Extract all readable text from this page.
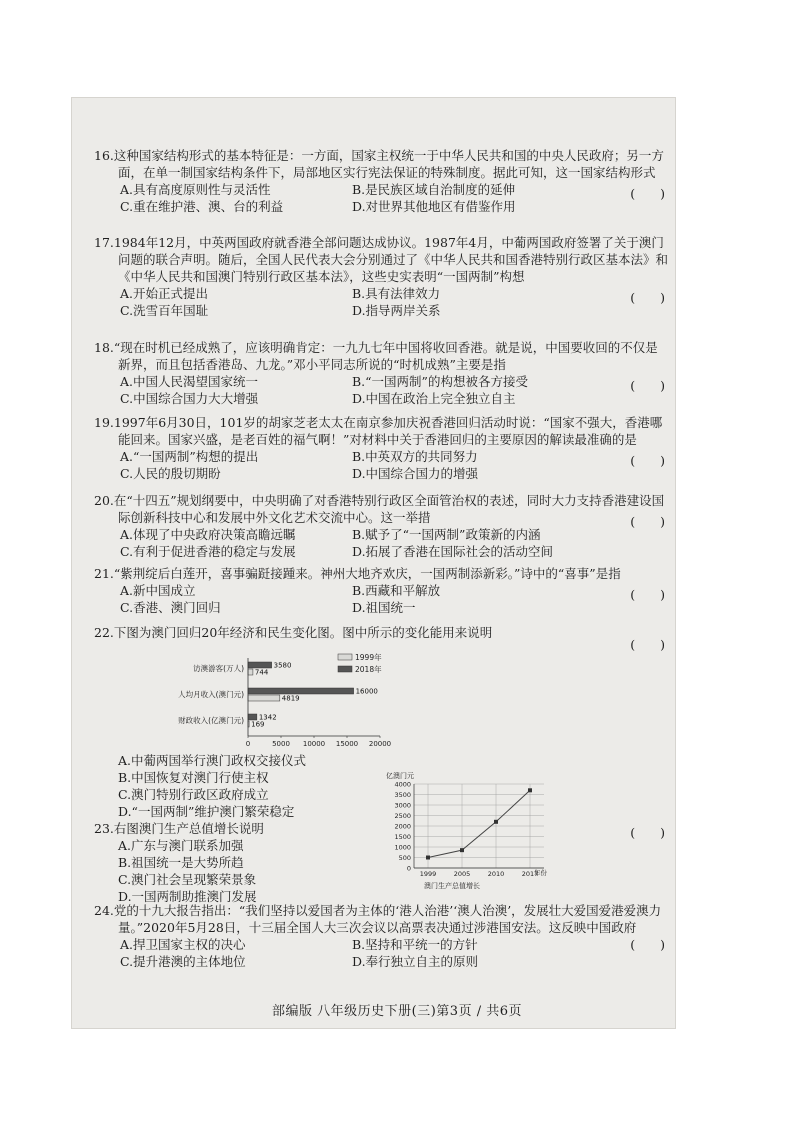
16.这种国家结构形式的基本特征是：一方面，国家主权统一于中华人民共和国的中央人民政府；另一方面，在单一制国家结构条件下，局部地区实行宪法保证的特殊制度。据此可知，这一国家结构形式

(　　)
A.具有高度原则性与灵活性	B.是民族区域自治制度的延伸
C.重在维护港、澳、台的利益	D.对世界其他地区有借鉴作用

17.1984年12月，中英两国政府就香港全部问题达成协议。1987年4月，中葡两国政府签署了关于澳门问题的联合声明。随后，全国人民代表大会分别通过了《中华人民共和国香港特别行政区基本法》和《中华人民共和国澳门特别行政区基本法》，这些史实表明“一国两制”构想

(　　)
A.开始正式提出	B.具有法律效力
C.洗雪百年国耻	D.指导两岸关系

18.“现在时机已经成熟了，应该明确肯定：一九九七年中国将收回香港。就是说，中国要收回的不仅是新界，而且包括香港岛、九龙。”邓小平同志所说的“时机成熟”主要是指

(　　)
A.中国人民渴望国家统一	B.“一国两制”的构想被各方接受
C.中国综合国力大大增强	D.中国在政治上完全独立自主

19.1997年6月30日，101岁的胡家芝老太太在南京参加庆祝香港回归活动时说：“国家不强大，香港哪能回来。国家兴盛，是老百姓的福气啊！”对材料中关于香港回归的主要原因的解读最准确的是

(　　)
A.“一国两制”构想的提出	B.中英双方的共同努力
C.人民的殷切期盼	D.中国综合国力的增强

20.在“十四五”规划纲要中，中央明确了对香港特别行政区全面管治权的表述，同时大力支持香港建设国际创新科技中心和发展中外文化艺术交流中心。这一举措	(　　)
A.体现了中央政府决策高瞻远瞩	B.赋予了“一国两制”政策新的内涵
C.有利于促进香港的稳定与发展	D.拓展了香港在国际社会的活动空间

21.“紫荆绽后白莲开，喜事骗跹接踵来。神州大地齐欢庆，一国两制添新彩。”诗中的“喜事”是指

(　　)
A.新中国成立	B.西藏和平解放
C.香港、澳门回归	D.祖国统一

22.下图为澳门回归20年经济和民生变化图。图中所示的变化能用来说明

(　　)
访澳游客(万人)
人均月收入(澳门元)
财政收入(亿澳门元)
3580
744
16000
4819
1342
169
0	5000 10000 15000 20000
1999年
2018年
A.中葡两国举行澳门政权交接仪式
B.中国恢复对澳门行使主权
C.澳门特别行政区政府成立
D.“一国两制”维护澳门繁荣稳定

23.右图澳门生产总值增长说明	(　　)
A.广东与澳门联系加强
B.祖国统一是大势所趋
C.澳门社会呈现繁荣景象
D.一国两制助推澳门发展
亿澳门元
0
500
1000
1500
2000
2500
3000
3500
4000
1999	2005	2010	2017
年份
澳门生产总值增长

24.党的十九大报告指出：“我们坚持以爱国者为主体的‘港人治港’‘澳人治澳’，发展壮大爱国爱港爱澳力量。”2020年5月28日，十三届全国人大三次会议以高票表决通过涉港国安法。这反映中国政府

(　　)
A.捍卫国家主权的决心	B.坚持和平统一的方针
C.提升港澳的主体地位	D.奉行独立自主的原则
部编版 八年级历史下册(三)第3页 / 共6页
